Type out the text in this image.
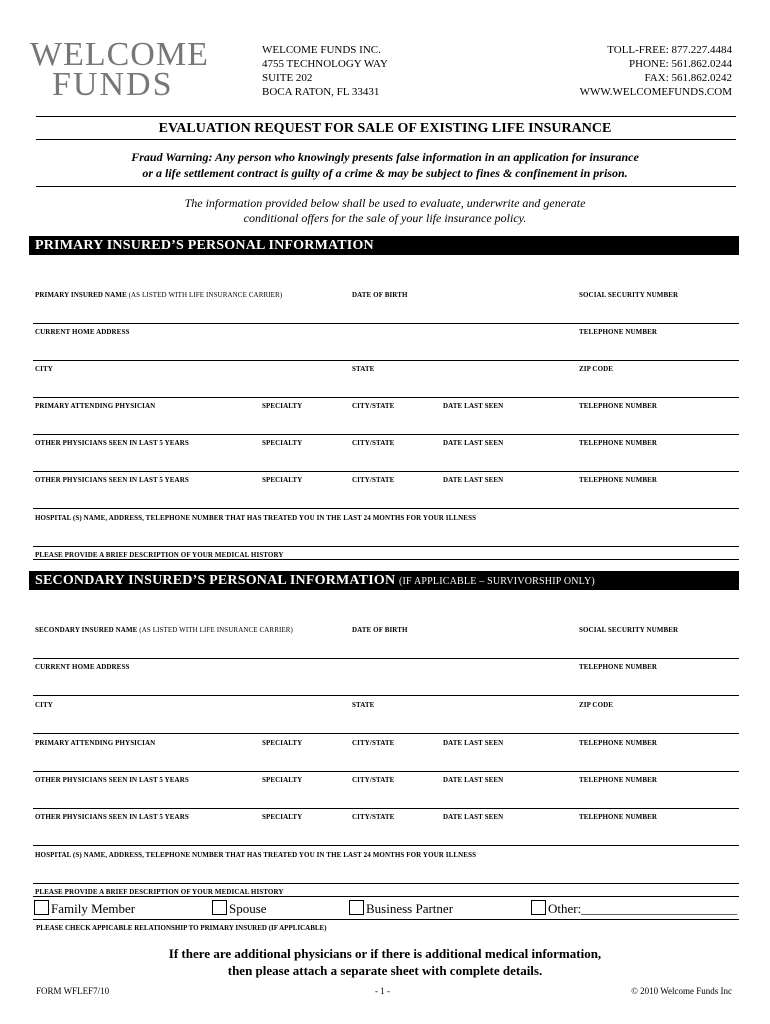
WELCOME
FUNDS
WELCOME FUNDS INC.
4755 TECHNOLOGY WAY
SUITE 202
BOCA RATON, FL 33431
TOLL-FREE: 877.227.4484
PHONE: 561.862.0244
FAX: 561.862.0242
WWW.WELCOMEFUNDS.COM
EVALUATION REQUEST FOR SALE OF EXISTING LIFE INSURANCE
Fraud Warning: Any person who knowingly presents false information in an application for insurance
or a life settlement contract is guilty of a crime & may be subject to fines & confinement in prison.
The information provided below shall be used to evaluate, underwrite and generate
conditional offers for the sale of your life insurance policy.
PRIMARY INSURED’S PERSONAL INFORMATION
PRIMARY INSURED NAME (AS LISTED WITH LIFE INSURANCE CARRIER)	DATE OF BIRTH	SOCIAL SECURITY NUMBER
CURRENT HOME ADDRESS	TELEPHONE NUMBER
CITY	STATE	ZIP CODE
PRIMARY ATTENDING PHYSICIAN	SPECIALTY	CITY/STATE	DATE LAST SEEN	TELEPHONE NUMBER
OTHER PHYSICIANS SEEN IN LAST 5 YEARS	SPECIALTY	CITY/STATE	DATE LAST SEEN	TELEPHONE NUMBER
OTHER PHYSICIANS SEEN IN LAST 5 YEARS	SPECIALTY	CITY/STATE	DATE LAST SEEN	TELEPHONE NUMBER
HOSPITAL (S) NAME, ADDRESS, TELEPHONE NUMBER THAT HAS TREATED YOU IN THE LAST 24 MONTHS FOR YOUR ILLNESS
PLEASE PROVIDE A BRIEF DESCRIPTION OF YOUR MEDICAL HISTORY
SECONDARY INSURED’S PERSONAL INFORMATION (IF APPLICABLE – SURVIVORSHIP ONLY)
SECONDARY INSURED NAME (AS LISTED WITH LIFE INSURANCE CARRIER)	DATE OF BIRTH	SOCIAL SECURITY NUMBER
CURRENT HOME ADDRESS	TELEPHONE NUMBER
CITY	STATE	ZIP CODE
PRIMARY ATTENDING PHYSICIAN	SPECIALTY	CITY/STATE	DATE LAST SEEN	TELEPHONE NUMBER
OTHER PHYSICIANS SEEN IN LAST 5 YEARS	SPECIALTY	CITY/STATE	DATE LAST SEEN	TELEPHONE NUMBER
OTHER PHYSICIANS SEEN IN LAST 5 YEARS	SPECIALTY	CITY/STATE	DATE LAST SEEN	TELEPHONE NUMBER
HOSPITAL (S) NAME, ADDRESS, TELEPHONE NUMBER THAT HAS TREATED YOU IN THE LAST 24 MONTHS FOR YOUR ILLNESS
PLEASE PROVIDE A BRIEF DESCRIPTION OF YOUR MEDICAL HISTORY
Family Member	Spouse	Business Partner	Other:________________________
PLEASE CHECK APPICABLE RELATIONSHIP TO PRIMARY INSURED (IF APPLICABLE)
If there are additional physicians or if there is additional medical information,
then please attach a separate sheet with complete details.
FORM WFLEF7/10	- 1 -	© 2010 Welcome Funds Inc
